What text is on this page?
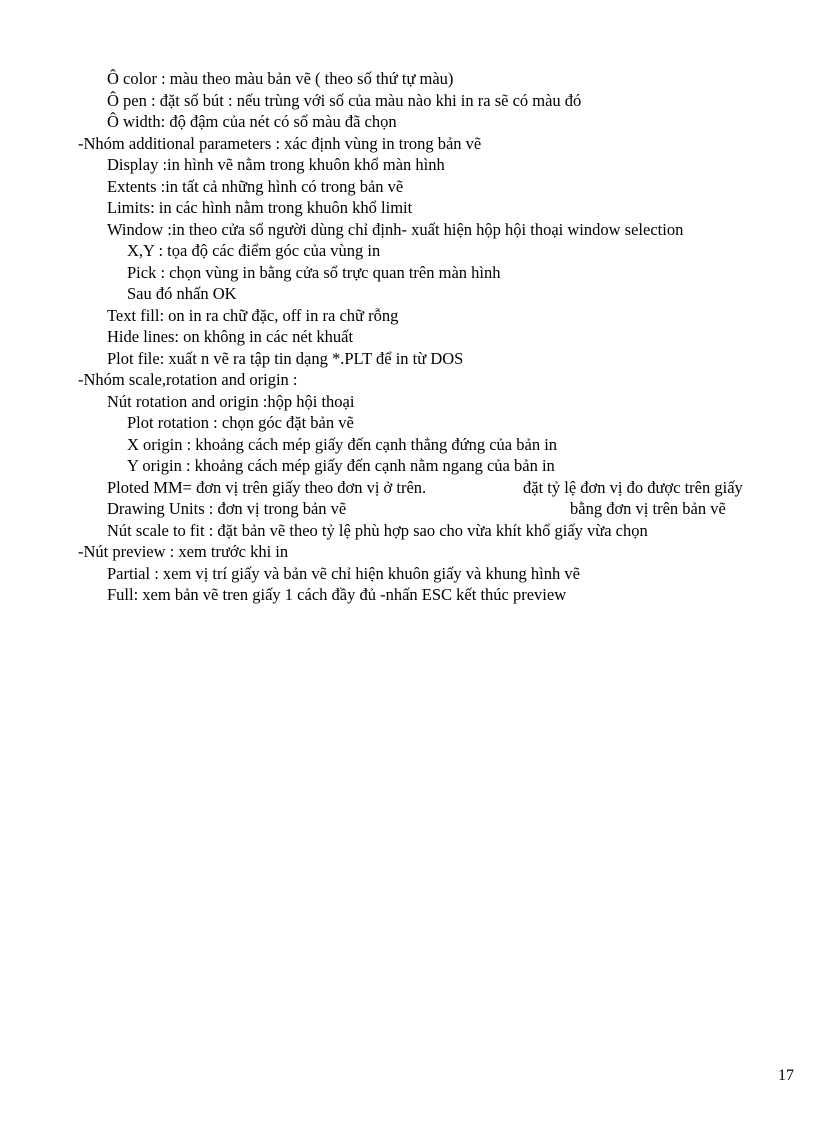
Ô color : màu theo màu bản vẽ ( theo số thứ tự màu)
Ô pen : đặt số bút : nếu trùng với số của màu nào khi in ra sẽ có màu đó
Ô width: độ đậm của nét có số màu đã chọn
-Nhóm additional parameters : xác định vùng in trong bản vẽ
Display :in hình vẽ nằm trong khuôn khổ màn hình
Extents :in tất cả những hình có trong bản vẽ
Limits: in các hình nằm trong khuôn khổ limit
Window :in theo cửa sổ người dùng chỉ định- xuất hiện hộp hội thoại window selection
X,Y : tọa độ các điểm góc của vùng in
Pick : chọn vùng in bằng cửa sổ trực quan trên màn hình
Sau đó nhấn OK
Text fill: on in ra chữ đặc, off in ra chữ rỗng
Hide lines: on không in các nét khuất
Plot file: xuất n vẽ ra tập tin dạng *.PLT để in từ DOS
-Nhóm scale,rotation and origin :
Nút rotation and origin :hộp hội thoại
Plot rotation : chọn góc đặt bản vẽ
X origin : khoảng cách mép giấy đến cạnh thẳng đứng của bản in
Y origin : khoảng cách mép giấy đến cạnh nằm ngang của bản in
Ploted MM= đơn vị trên giấy theo đơn vị ở trên.	đặt tỷ lệ đơn vị đo được trên giấy
Drawing Units : đơn vị trong bản vẽ	bằng đơn vị trên bản vẽ
Nút scale to fit : đặt bản vẽ theo tỷ lệ phù hợp sao cho vừa khít khổ giấy vừa chọn
-Nút preview : xem trước khi in
Partial : xem vị trí giấy và bản vẽ chỉ hiện khuôn giấy và khung hình vẽ
Full: xem bản vẽ tren giấy 1 cách đầy đủ -nhấn ESC kết thúc preview
17
